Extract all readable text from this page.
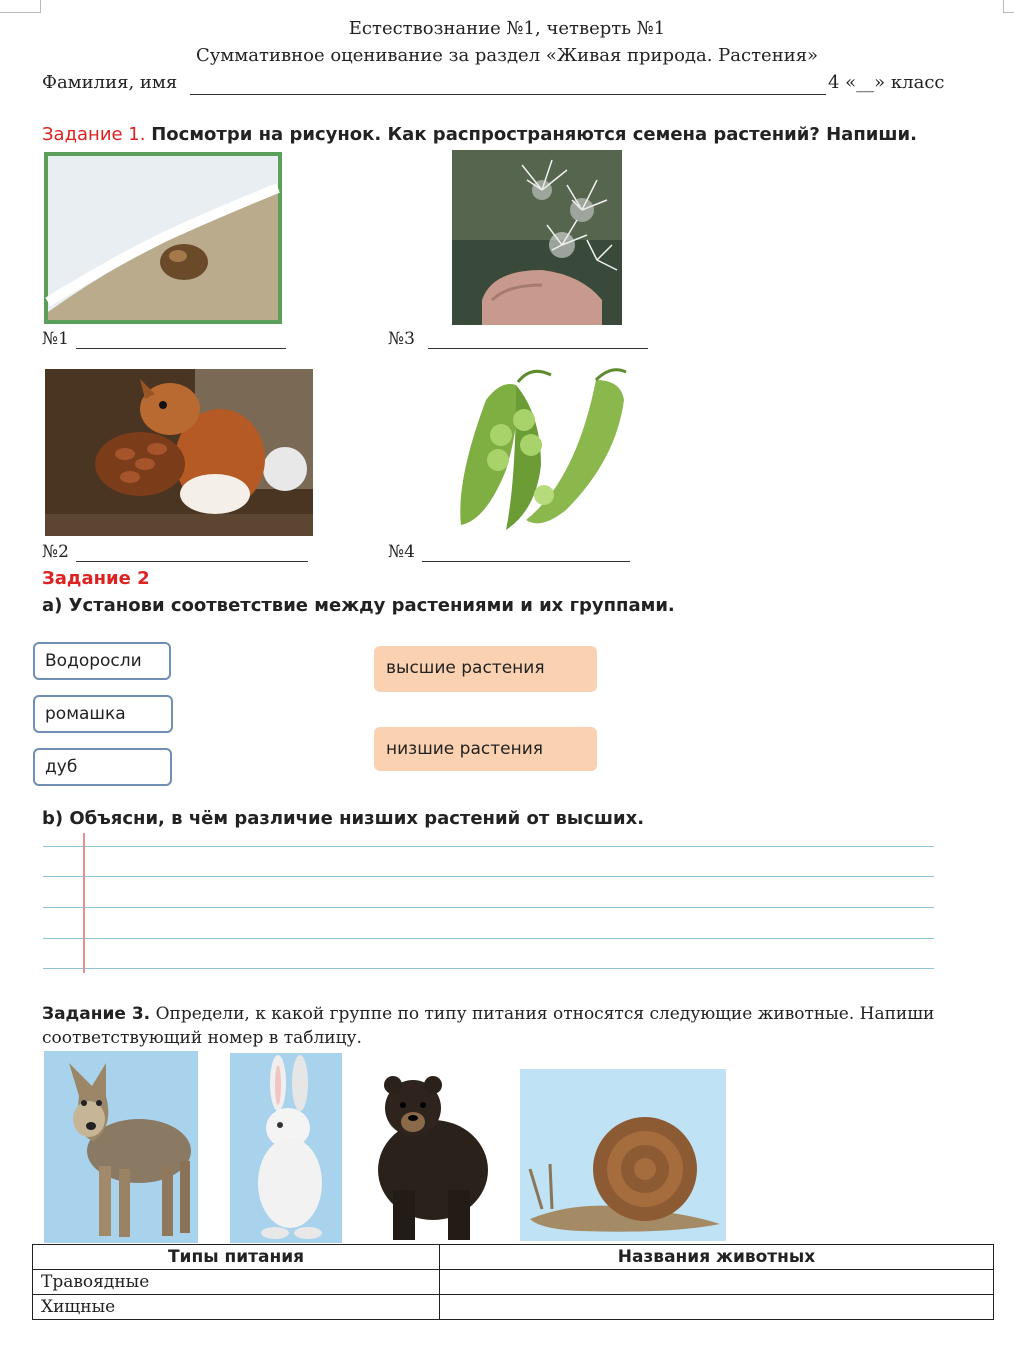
Естествознание №1, четверть №1
Суммативное оценивание за раздел «Живая природа. Растения»
Фамилия, имя	4 «__» класс
Задание 1. Посмотри на рисунок. Как распространяются семена растений? Напиши.
№1	№3
№2	№4
Задание 2
а) Установи соответствие между растениями и их группами.
Водоросли
ромашка
дуб
высшие растения
низшие растения
b) Объясни, в чём различие низших растений от высших.
Задание 3. Определи, к какой группе по типу питания относятся следующие животные. Напиши соответствующий номер в таблицу.
Типы питания	Названия животных
Травоядные	
Хищные	
